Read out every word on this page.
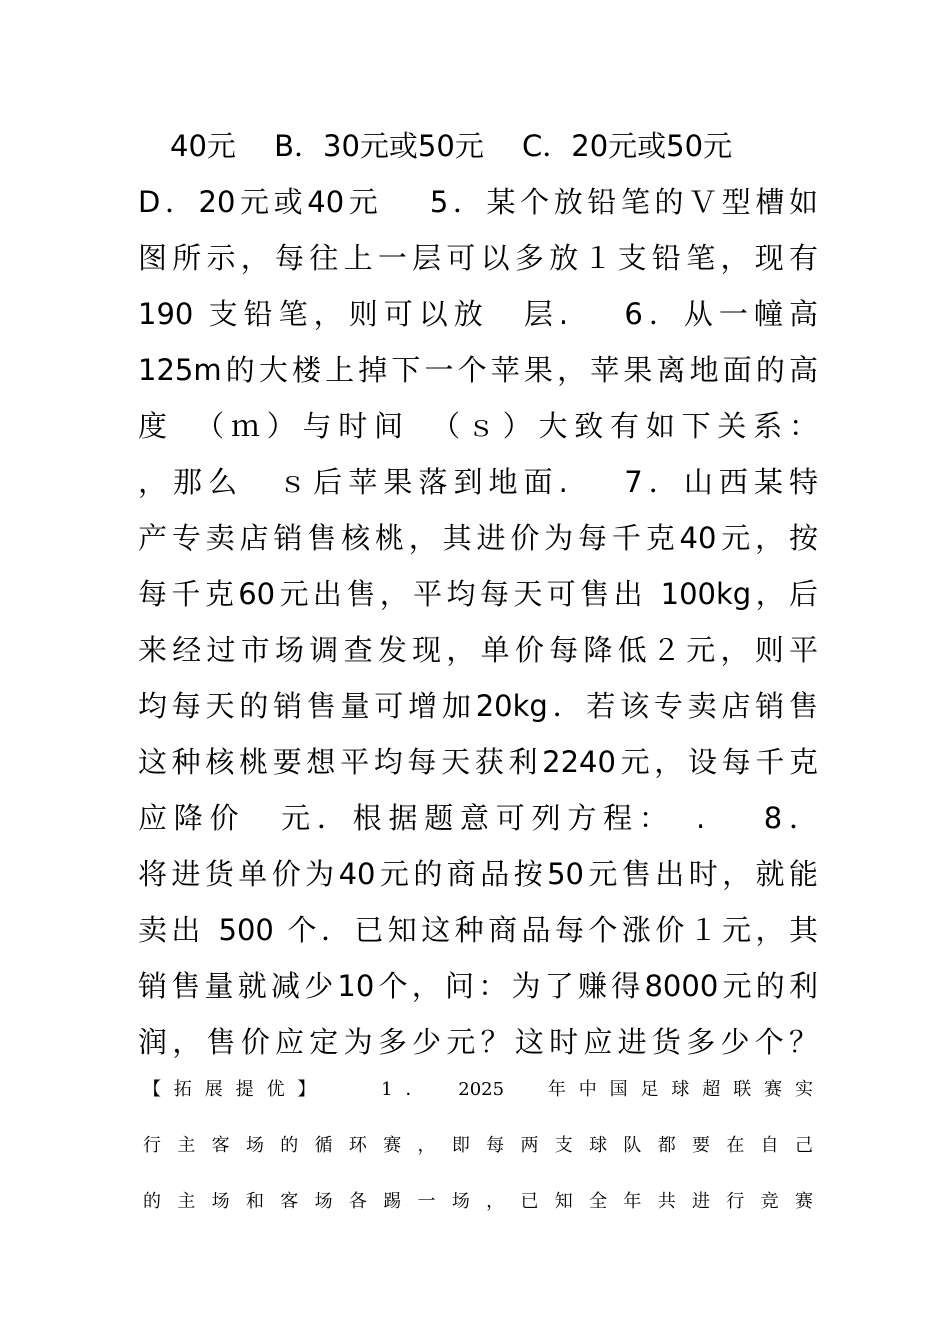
40元　 B．30元或50元　 C．20元或50元
D．20元或40元　 5．某个放铅笔的Ｖ型槽如
图所示，每往上一层可以多放１支铅笔，现有
190 支铅笔，则可以放　层.　 6．从一幢高
125m的大楼上掉下一个苹果，苹果离地面的高
度　（ｍ）与时间　（ｓ）大致有如下关系：
，那么　ｓ后苹果落到地面.　 7．山西某特
产专卖店销售核桃，其进价为每千克40元，按
每千克60元出售，平均每天可售出 100kg，后
来经过市场调查发现，单价每降低２元，则平
均每天的销售量可增加20kg．若该专卖店销售
这种核桃要想平均每天获利2240元，设每千克
应降价　元．根据题意可列方程：　.　 8．
将进货单价为40元的商品按50元售出时，就能
卖出 500 个．已知这种商品每个涨价１元，其
销售量就减少10个，问：为了赚得8000元的利
润，售价应定为多少元？这时应进货多少个？
【拓展提优】　　1．　2025　年中国足球超联赛实
行主客场的循环赛，即每两支球队都要在自己
的主场和客场各踢一场，已知全年共进行竞赛
